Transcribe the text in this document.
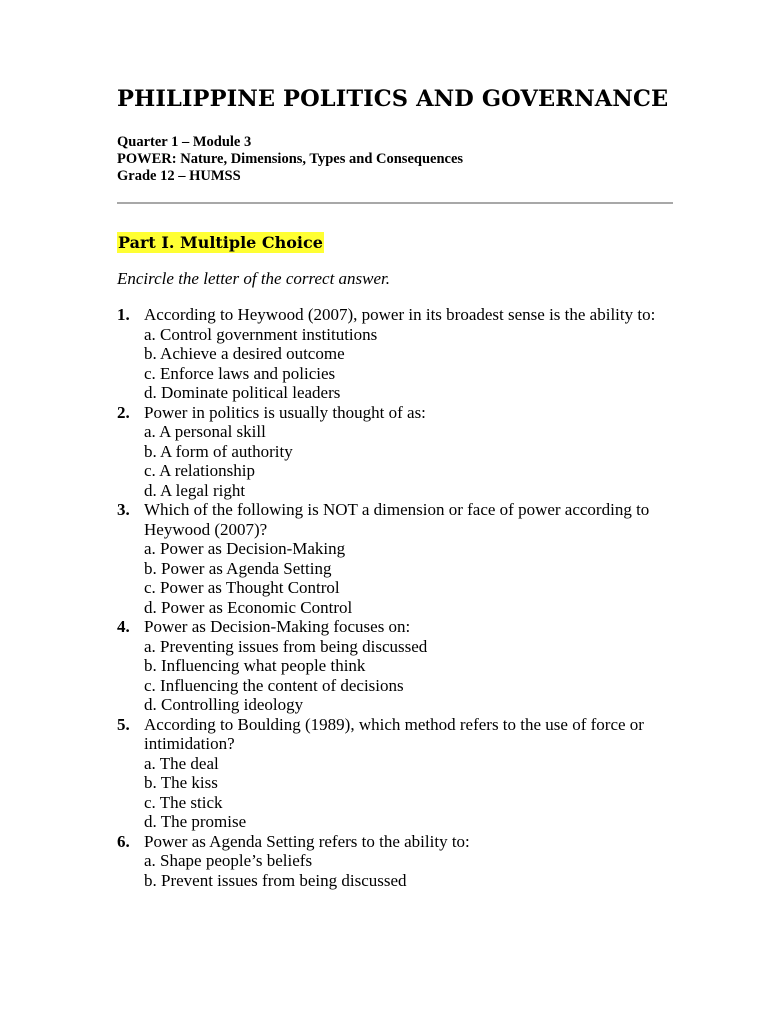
PHILIPPINE POLITICS AND GOVERNANCE
Quarter 1 – Module 3
POWER: Nature, Dimensions, Types and Consequences
Grade 12 – HUMSS
Part I. Multiple Choice
Encircle the letter of the correct answer.
1. According to Heywood (2007), power in its broadest sense is the ability to:
a. Control government institutions
b. Achieve a desired outcome
c. Enforce laws and policies
d. Dominate political leaders
2. Power in politics is usually thought of as:
a. A personal skill
b. A form of authority
c. A relationship
d. A legal right
3. Which of the following is NOT a dimension or face of power according to Heywood (2007)?
a. Power as Decision-Making
b. Power as Agenda Setting
c. Power as Thought Control
d. Power as Economic Control
4. Power as Decision-Making focuses on:
a. Preventing issues from being discussed
b. Influencing what people think
c. Influencing the content of decisions
d. Controlling ideology
5. According to Boulding (1989), which method refers to the use of force or intimidation?
a. The deal
b. The kiss
c. The stick
d. The promise
6. Power as Agenda Setting refers to the ability to:
a. Shape people’s beliefs
b. Prevent issues from being discussed
